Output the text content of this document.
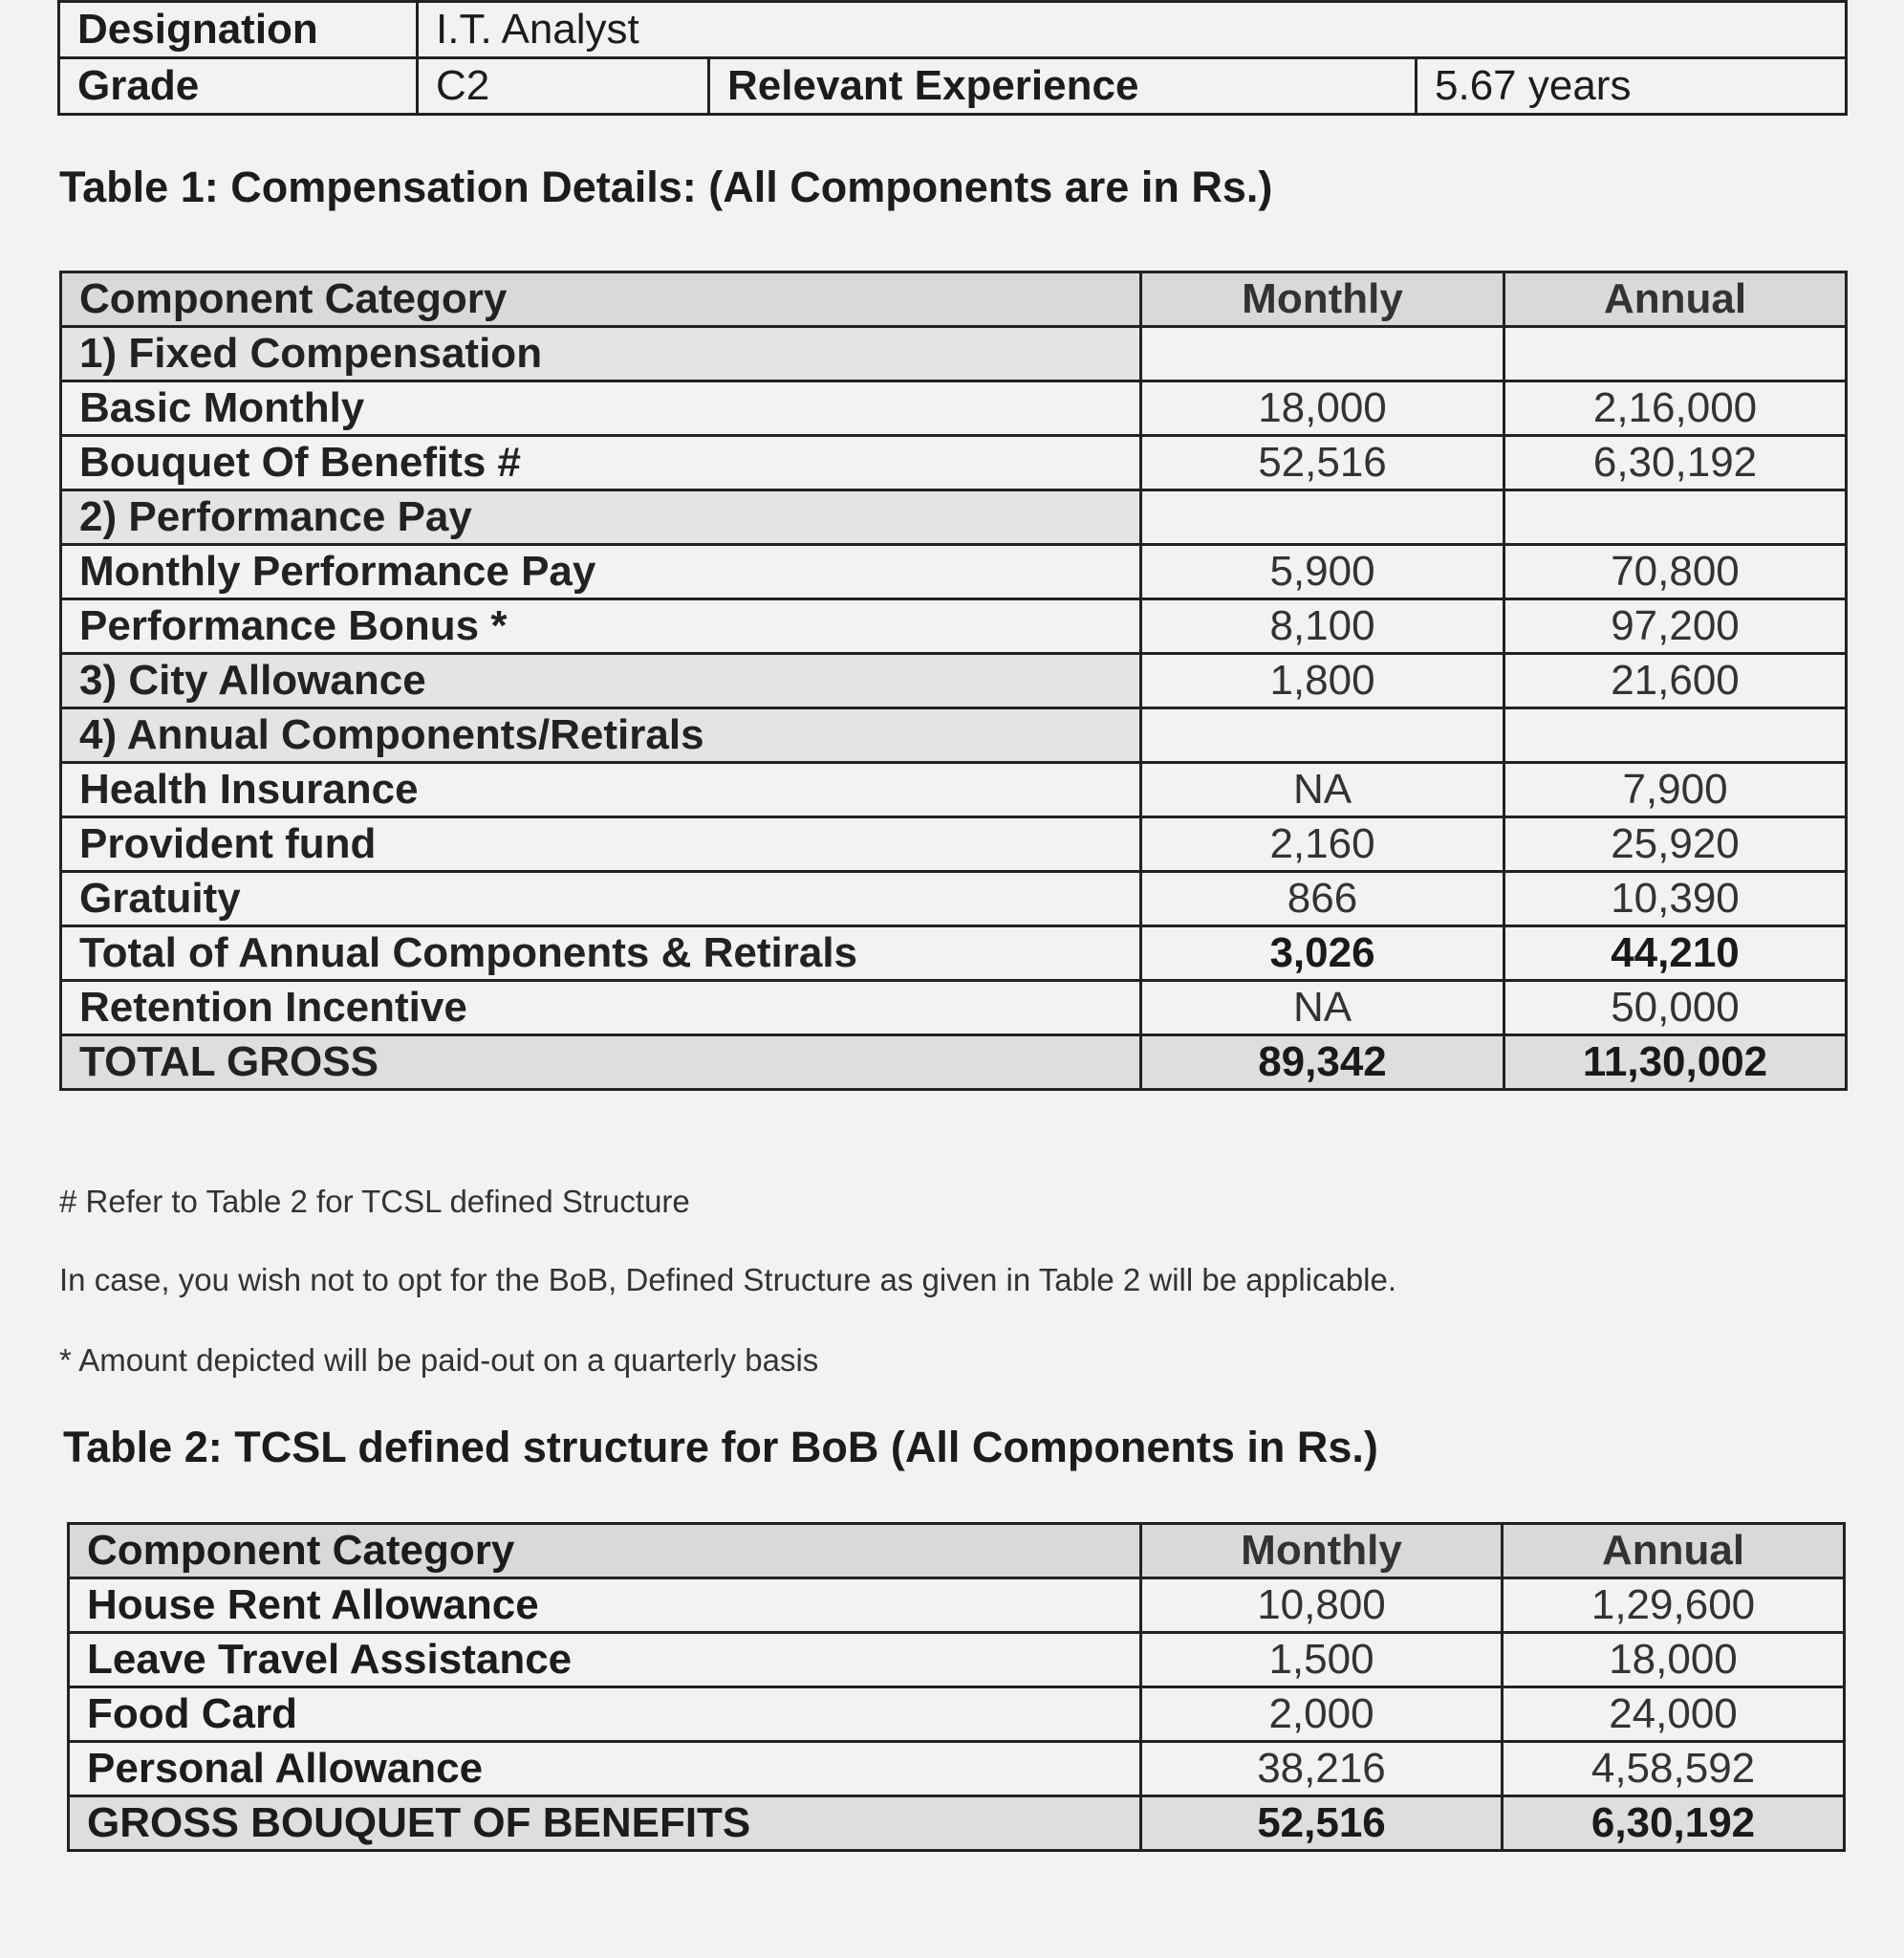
Designation	I.T. Analyst		
Grade	C2	Relevant Experience	5.67 years
Table 1: Compensation Details: (All Components are in Rs.)
Component Category	Monthly	Annual
1) Fixed Compensation		
Basic Monthly	18,000	2,16,000
Bouquet Of Benefits #	52,516	6,30,192
2) Performance Pay		
Monthly Performance Pay	5,900	70,800
Performance Bonus *	8,100	97,200
3) City Allowance	1,800	21,600
4) Annual Components/Retirals		
Health Insurance	NA	7,900
Provident fund	2,160	25,920
Gratuity	866	10,390
Total of Annual Components & Retirals	3,026	44,210
Retention Incentive	NA	50,000
TOTAL GROSS	89,342	11,30,002
# Refer to Table 2 for TCSL defined Structure
In case, you wish not to opt for the BoB, Defined Structure as given in Table 2 will be applicable.
* Amount depicted will be paid-out on a quarterly basis
Table 2: TCSL defined structure for BoB (All Components in Rs.)
Component Category	Monthly	Annual
House Rent Allowance	10,800	1,29,600
Leave Travel Assistance	1,500	18,000
Food Card	2,000	24,000
Personal Allowance	38,216	4,58,592
GROSS BOUQUET OF BENEFITS	52,516	6,30,192
